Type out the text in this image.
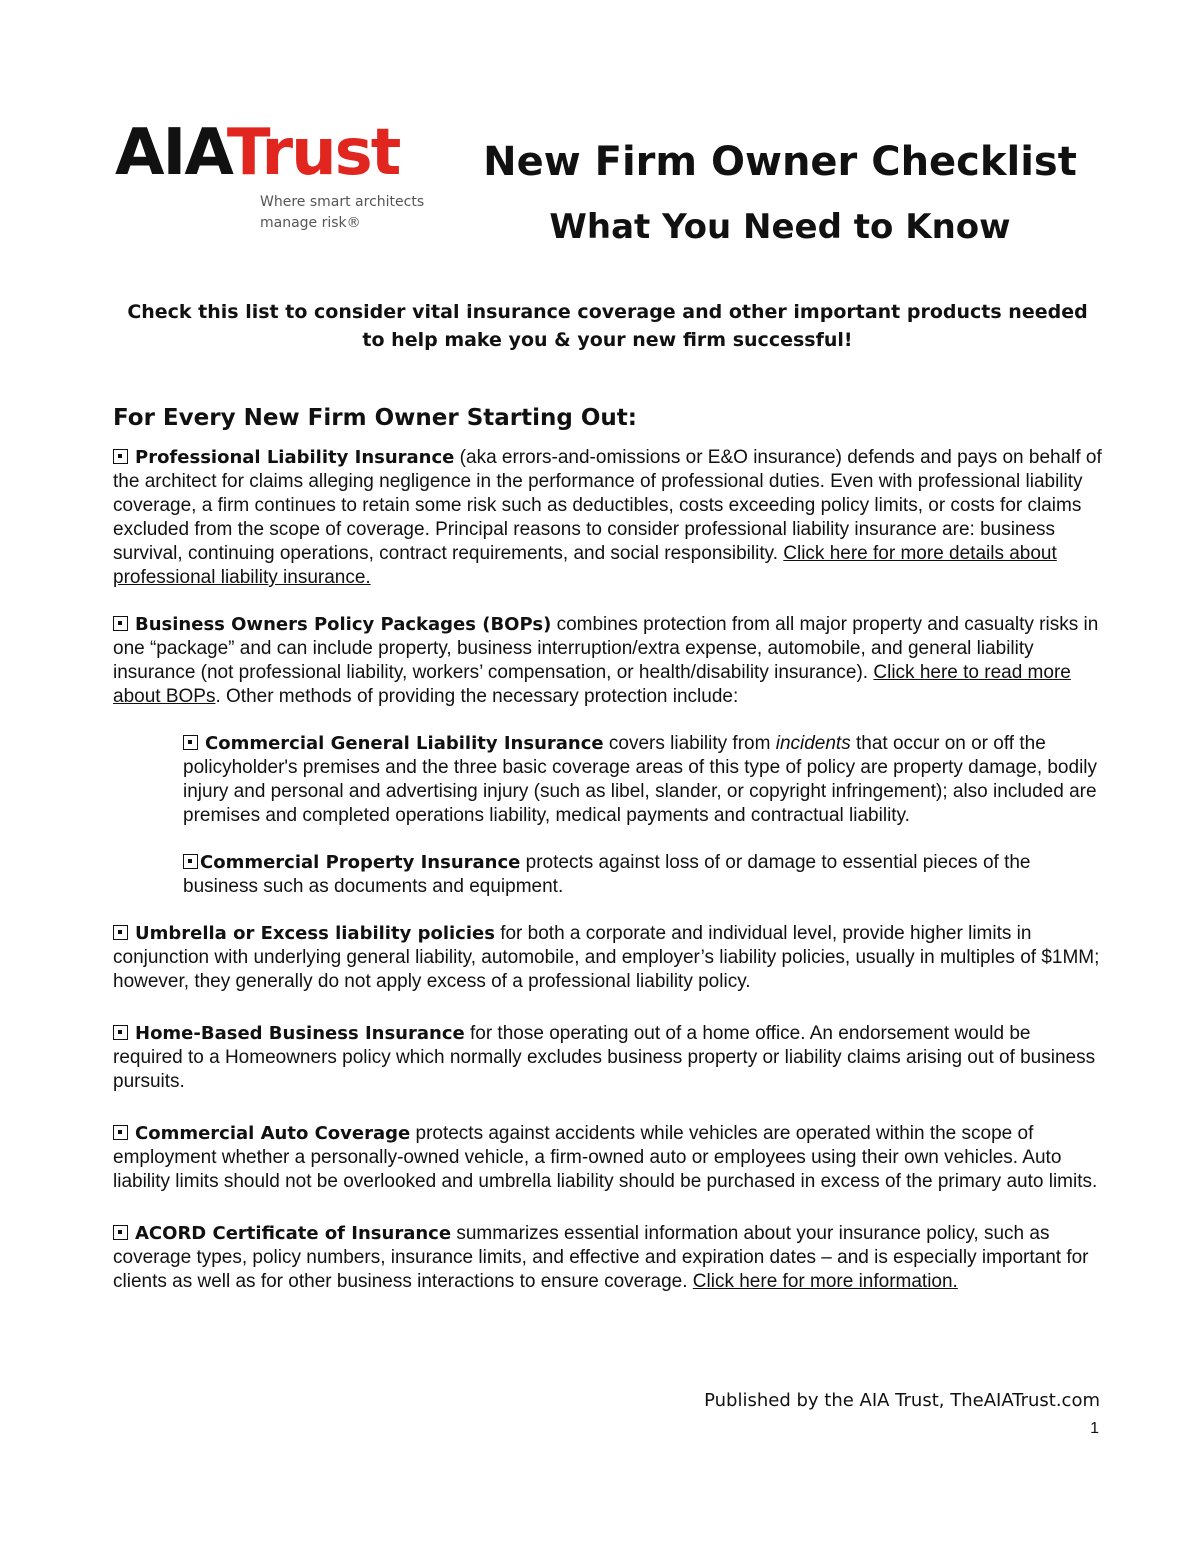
AIATrust
Where smart architects
manage risk®
New Firm Owner Checklist
What You Need to Know
Check this list to consider vital insurance coverage and other important products needed to help make you & your new firm successful!
For Every New Firm Owner Starting Out:
Professional Liability Insurance (aka errors-and-omissions or E&O insurance) defends and pays on behalf of the architect for claims alleging negligence in the performance of professional duties. Even with professional liability coverage, a firm continues to retain some risk such as deductibles, costs exceeding policy limits, or costs for claims excluded from the scope of coverage. Principal reasons to consider professional liability insurance are: business survival, continuing operations, contract requirements, and social responsibility. Click here for more details about professional liability insurance.
Business Owners Policy Packages (BOPs) combines protection from all major property and casualty risks in one “package” and can include property, business interruption/extra expense, automobile, and general liability insurance (not professional liability, workers’ compensation, or health/disability insurance). Click here to read more about BOPs. Other methods of providing the necessary protection include:
Commercial General Liability Insurance covers liability from incidents that occur on or off the policyholder's premises and the three basic coverage areas of this type of policy are property damage, bodily injury and personal and advertising injury (such as libel, slander, or copyright infringement); also included are premises and completed operations liability, medical payments and contractual liability.
Commercial Property Insurance protects against loss of or damage to essential pieces of the business such as documents and equipment.
Umbrella or Excess liability policies for both a corporate and individual level, provide higher limits in conjunction with underlying general liability, automobile, and employer’s liability policies, usually in multiples of $1MM; however, they generally do not apply excess of a professional liability policy.
Home-Based Business Insurance for those operating out of a home office. An endorsement would be required to a Homeowners policy which normally excludes business property or liability claims arising out of business pursuits.
Commercial Auto Coverage protects against accidents while vehicles are operated within the scope of employment whether a personally-owned vehicle, a firm-owned auto or employees using their own vehicles. Auto liability limits should not be overlooked and umbrella liability should be purchased in excess of the primary auto limits.
ACORD Certificate of Insurance summarizes essential information about your insurance policy, such as coverage types, policy numbers, insurance limits, and effective and expiration dates – and is especially important for clients as well as for other business interactions to ensure coverage. Click here for more information.
Published by the AIA Trust, TheAIATrust.com
1
